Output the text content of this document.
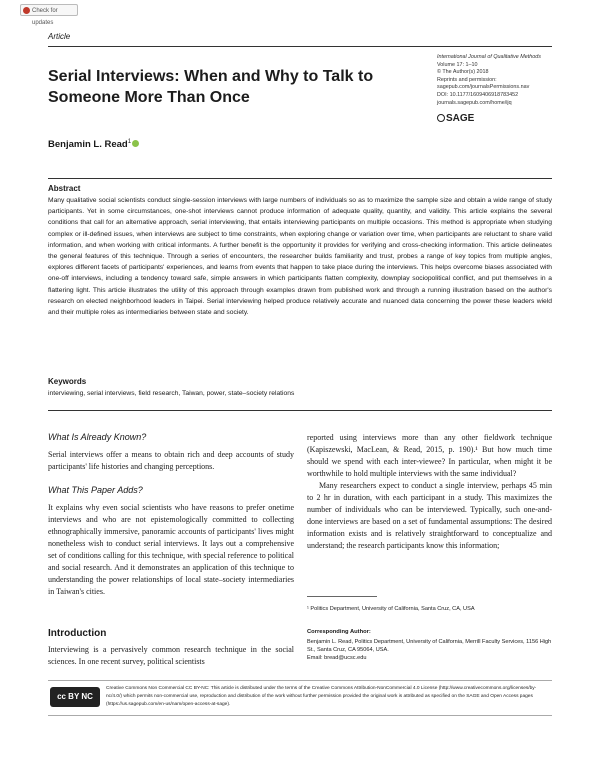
Check for updates
Article
Serial Interviews: When and Why to Talk to Someone More Than Once
International Journal of Qualitative Methods
Volume 17: 1–10
© The Author(s) 2018
Reprints and permission:
sagepub.com/journalsPermissions.nav
DOI: 10.1177/1609406918783452
journals.sagepub.com/home/ijq
SAGE
Benjamin L. Read$^1$
Abstract
Many qualitative social scientists conduct single-session interviews with large numbers of individuals so as to maximize the sample size and obtain a wide range of study participants. Yet in some circumstances, one-shot interviews cannot produce information of adequate quality, quantity, and validity. This article explains the several conditions that call for an alternative approach, serial interviewing, that entails interviewing participants on multiple occasions. This method is appropriate when studying complex or ill-defined issues, when interviews are subject to time constraints, when exploring change or variation over time, when participants are reluctant to share valid information, and when working with critical informants. A further benefit is the opportunity it provides for verifying and cross-checking information. This article delineates the general features of this technique. Through a series of encounters, the researcher builds familiarity and trust, probes a range of key topics from multiple angles, explores different facets of participants' experiences, and learns from events that happen to take place during the interviews. This helps overcome biases associated with one-off interviews, including a tendency toward safe, simple answers in which participants flatten complexity, downplay sociopolitical conflict, and put themselves in a flattering light. This article illustrates the utility of this approach through examples drawn from published work and through a running illustration based on the author's research on elected neighborhood leaders in Taipei. Serial interviewing helped produce relatively accurate and nuanced data concerning the power these leaders wield and their multiple roles as intermediaries between state and society.
Keywords
interviewing, serial interviews, field research, Taiwan, power, state–society relations
What Is Already Known?

Serial interviews offer a means to obtain rich and deep accounts of study participants' life histories and changing perceptions.

What This Paper Adds?

It explains why even social scientists who have reasons to prefer onetime interviews and who are not epistemologically committed to collecting ethnographically immersive, panoramic accounts of participants' lives might nonetheless wish to conduct serial interviews. It lays out a comprehensive set of conditions calling for this technique, with special reference to political and social research. And it demonstrates an application of this technique to understanding the power relationships of local state–society intermediaries in Taiwan's cities.

Introduction

Interviewing is a pervasively common research technique in the social sciences. In one recent survey, political scientists

reported using interviews more than any other fieldwork technique (Kapiszewski, MacLean, & Read, 2015, p. 190).¹ But how much time should we spend with each inter-viewee? In particular, when might it be worthwhile to hold multiple interviews with the same individual?

Many researchers expect to conduct a single interview, perhaps 45 min to 2 hr in duration, with each participant in a study. This maximizes the number of individuals who can be interviewed. Typically, such one-and-done interviews are based on a set of fundamental assumptions: The desired information exists and is relatively straightforward to conceptualize and understand; the research participants know this information;

¹ Politics Department, University of California, Santa Cruz, CA, USA
Corresponding Author:
Benjamin L. Read, Politics Department, University of California, Merrill Faculty Services, 1156 High St., Santa Cruz, CA 95064, USA.
Email: bread@ucsc.edu
cc BY NC
Creative Commons Non Commercial CC BY-NC: This article is distributed under the terms of the Creative Commons Attribution-NonCommercial 4.0 License (http://www.creativecommons.org/licenses/by-nc/4.0/) which permits non-commercial use, reproduction and distribution of the work without further permission provided the original work is attributed as specified on the SAGE and Open Access pages (https://us.sagepub.com/en-us/nam/open-access-at-sage).
